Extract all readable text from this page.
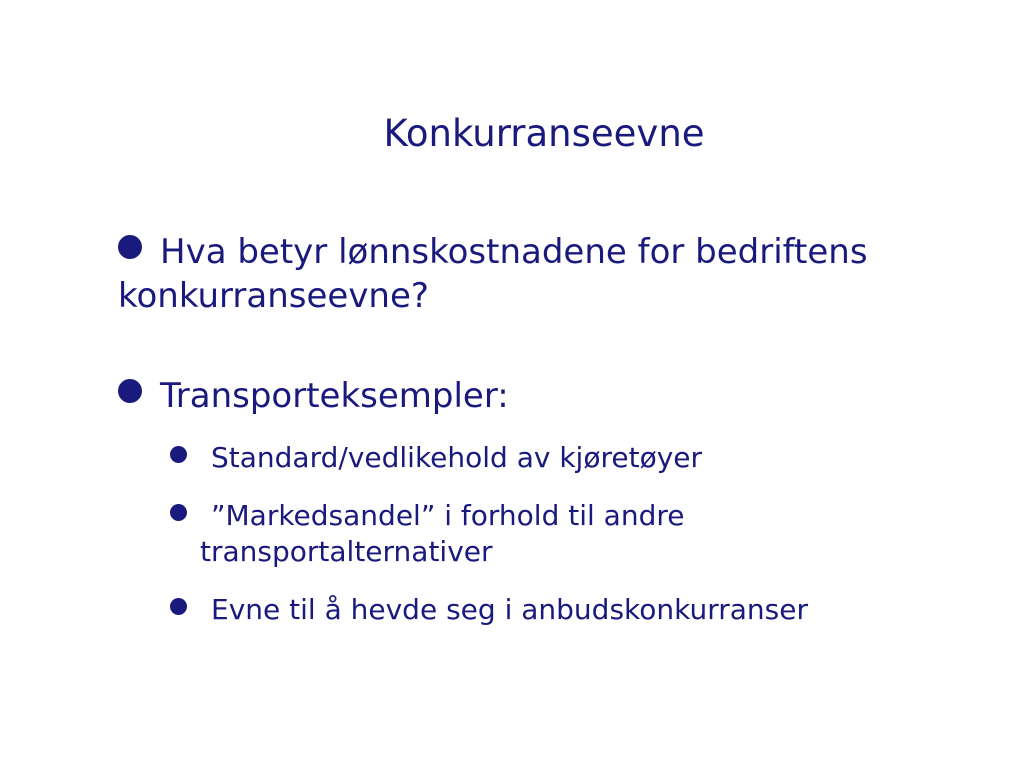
Konkurranseevne
Hva betyr lønnskostnadene for bedriftens konkurranseevne?
Transporteksempler:
Standard/vedlikehold av kjøretøyer
”Markedsandel” i forhold til andre
transportalternativer
Evne til å hevde seg i anbudskonkurranser
